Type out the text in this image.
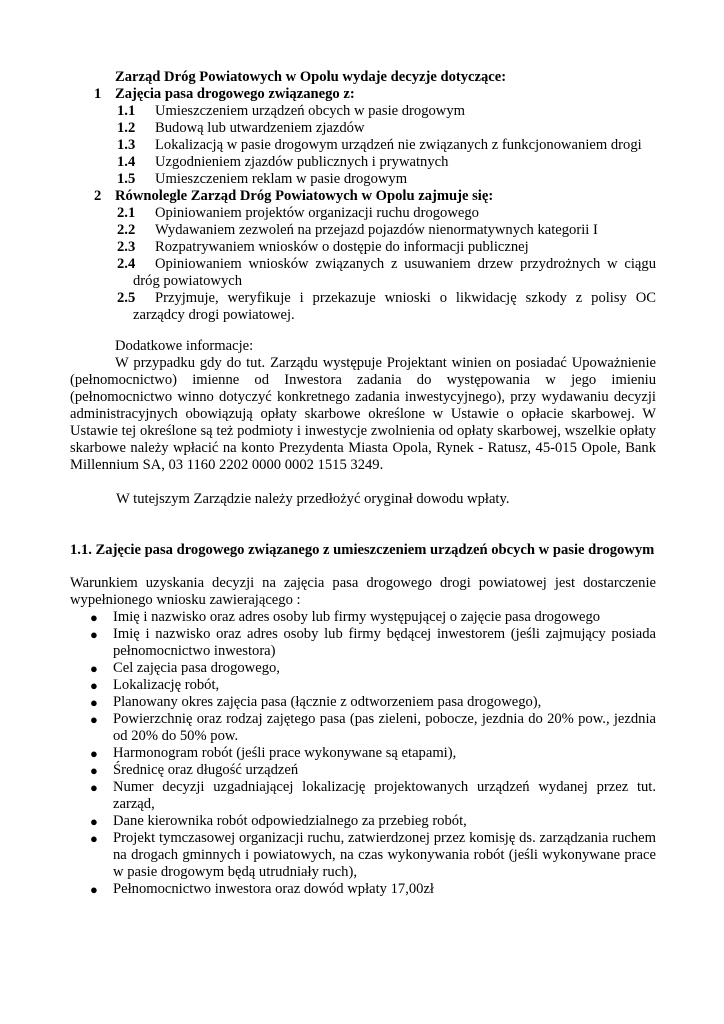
Zarząd Dróg Powiatowych w Opolu wydaje decyzje dotyczące:
1 Zajęcia pasa drogowego związanego z:
1.1 Umieszczeniem urządzeń obcych w pasie drogowym
1.2 Budową lub utwardzeniem zjazdów
1.3 Lokalizacją w pasie drogowym urządzeń nie związanych z funkcjonowaniem drogi
1.4 Uzgodnieniem zjazdów publicznych i prywatnych
1.5 Umieszczeniem reklam w pasie drogowym
2 Równolegle Zarząd Dróg Powiatowych w Opolu zajmuje się:
2.1 Opiniowaniem projektów organizacji ruchu drogowego
2.2 Wydawaniem zezwoleń na przejazd pojazdów nienormatywnych kategorii I
2.3 Rozpatrywaniem wniosków o dostępie do informacji publicznej
2.4	Opiniowaniem wniosków związanych z usuwaniem drzew przydrożnych w ciągu dróg powiatowych
2.5	Przyjmuje, weryfikuje i przekazuje wnioski o likwidację szkody z polisy OC zarządcy drogi powiatowej.
Dodatkowe informacje:
W przypadku gdy do tut. Zarządu występuje Projektant winien on posiadać Upoważnienie (pełnomocnictwo) imienne od Inwestora zadania do występowania w jego imieniu (pełnomocnictwo winno dotyczyć konkretnego zadania inwestycyjnego), przy wydawaniu decyzji administracyjnych obowiązują opłaty skarbowe określone w Ustawie o opłacie skarbowej. W Ustawie tej określone są też podmioty i inwestycje zwolnienia od opłaty skarbowej, wszelkie opłaty skarbowe należy wpłacić na konto Prezydenta Miasta Opola, Rynek - Ratusz, 45-015 Opole, Bank Millennium SA, 03 1160 2202 0000 0002 1515 3249.
W tutejszym Zarządzie należy przedłożyć oryginał dowodu wpłaty.
1.1. Zajęcie pasa drogowego związanego z umieszczeniem urządzeń obcych w pasie drogowym
Warunkiem uzyskania decyzji na zajęcia pasa drogowego drogi powiatowej jest dostarczenie wypełnionego wniosku zawierającego :
● Imię i nazwisko oraz adres osoby lub firmy występującej o zajęcie pasa drogowego
● Imię i nazwisko oraz adres osoby lub firmy będącej inwestorem (jeśli zajmujący posiada pełnomocnictwo inwestora)
● Cel zajęcia pasa drogowego,
● Lokalizację robót,
● Planowany okres zajęcia pasa (łącznie z odtworzeniem pasa drogowego),
● Powierzchnię oraz rodzaj zajętego pasa (pas zieleni, pobocze, jezdnia do 20% pow., jezdnia od 20% do 50% pow.
● Harmonogram robót (jeśli prace wykonywane są etapami),
● Średnicę oraz długość urządzeń
● Numer decyzji uzgadniającej lokalizację projektowanych urządzeń wydanej przez tut. zarząd,
● Dane kierownika robót odpowiedzialnego za przebieg robót,
● Projekt tymczasowej organizacji ruchu, zatwierdzonej przez komisję ds. zarządzania ruchem na drogach gminnych i powiatowych, na czas wykonywania robót (jeśli wykonywane prace w pasie drogowym będą utrudniały ruch),
● Pełnomocnictwo inwestora oraz dowód wpłaty 17,00zł
